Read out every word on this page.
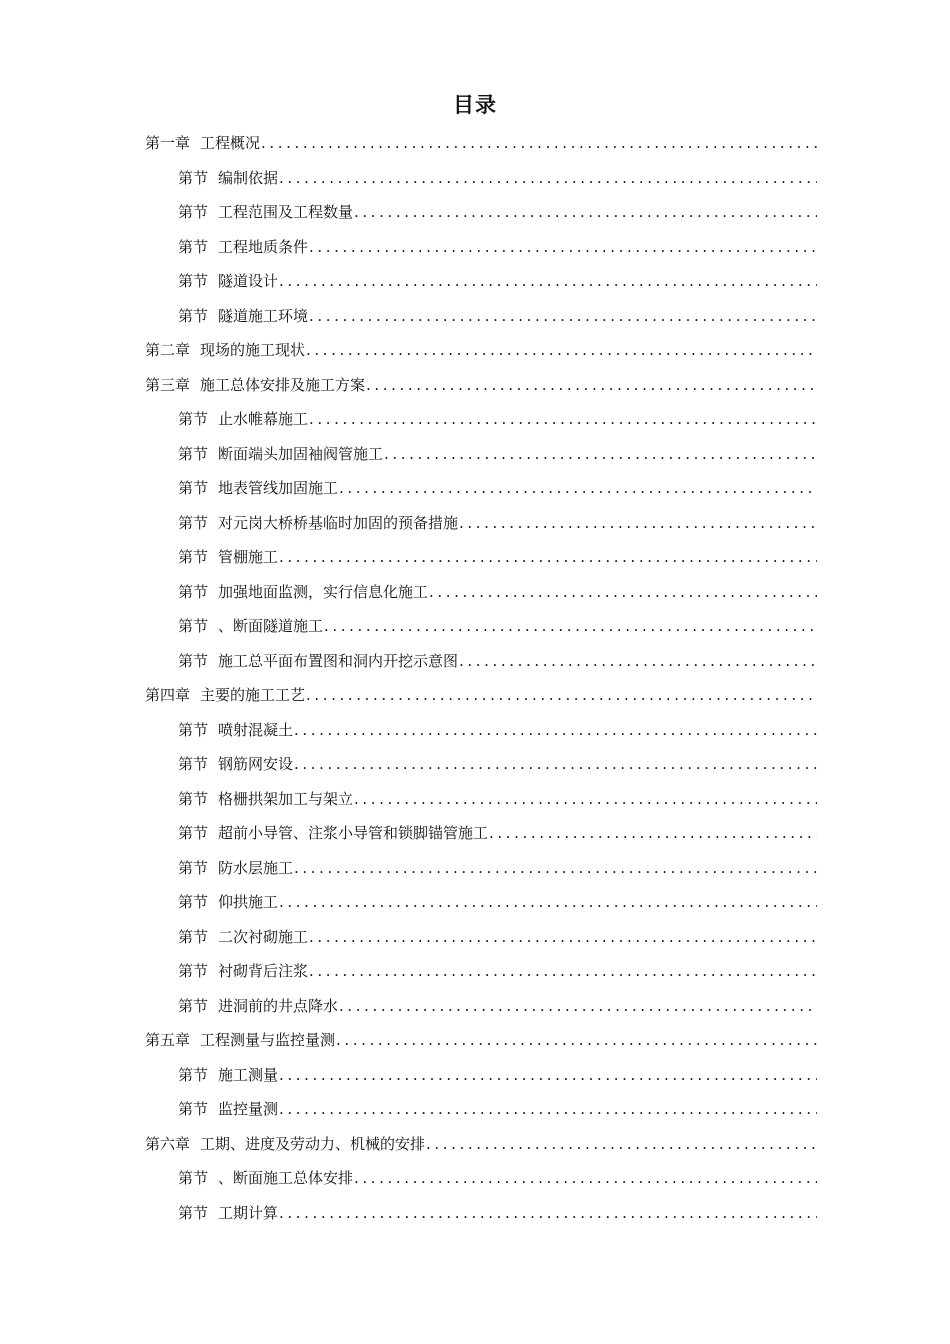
目录
第一章 工程概况
.....
第节 编制依据
.....
第节 工程范围及工程数量
.....
第节 工程地质条件
.....
第节 隧道设计
.....
第节 隧道施工环境
.....
第二章 现场的施工现状
.....
第三章 施工总体安排及施工方案
.....
第节 止水帷幕施工
.....
第节 断面端头加固袖阀管施工
.....
第节 地表管线加固施工
.....
第节 对元岗大桥桥基临时加固的预备措施
.....
第节 管棚施工
.....
第节 加强地面监测，实行信息化施工
.....
第节 、断面隧道施工
.....
第节 施工总平面布置图和洞内开挖示意图
.....
第四章 主要的施工工艺
.....
第节 喷射混凝土
.....
第节 钢筋网安设
.....
第节 格栅拱架加工与架立
.....
第节 超前小导管、注浆小导管和锁脚锚管施工
.....
第节 防水层施工
.....
第节 仰拱施工
.....
第节 二次衬砌施工
.....
第节 衬砌背后注浆
.....
第节 进洞前的井点降水
.....
第五章 工程测量与监控量测
.....
第节 施工测量
.....
第节 监控量测
.....
第六章 工期、进度及劳动力、机械的安排
.....
第节 、断面施工总体安排
.....
第节 工期计算
.....
